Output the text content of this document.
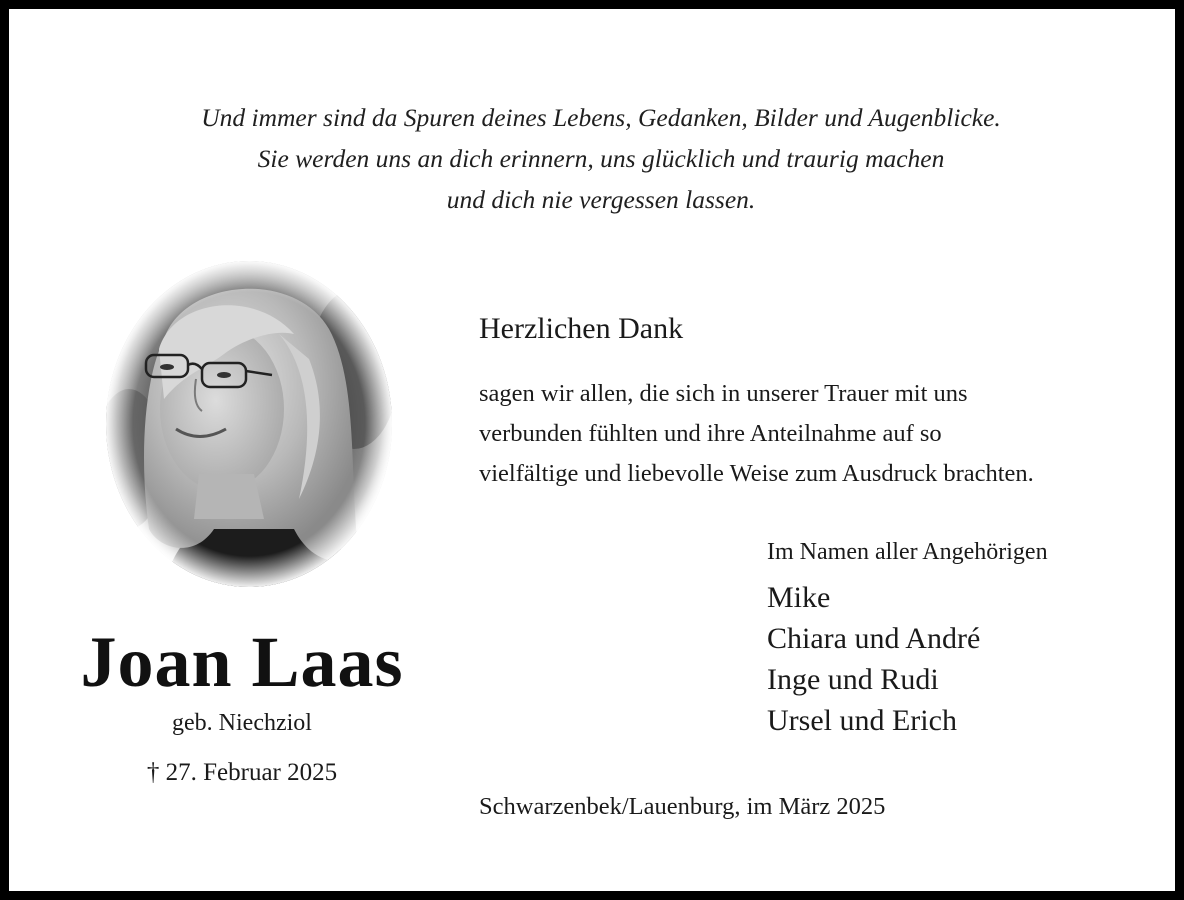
Und immer sind da Spuren deines Lebens, Gedanken, Bilder und Augenblicke.
Sie werden uns an dich erinnern, uns glücklich und traurig machen
und dich nie vergessen lassen.
Joan Laas
geb. Niechziol
† 27. Februar 2025
Herzlichen Dank
sagen wir allen, die sich in unserer Trauer mit uns
verbunden fühlten und ihre Anteilnahme auf so
vielfältige und liebevolle Weise zum Ausdruck brachten.
Im Namen aller Angehörigen
Mike
Chiara und André
Inge und Rudi
Ursel und Erich
Schwarzenbek/Lauenburg, im März 2025
